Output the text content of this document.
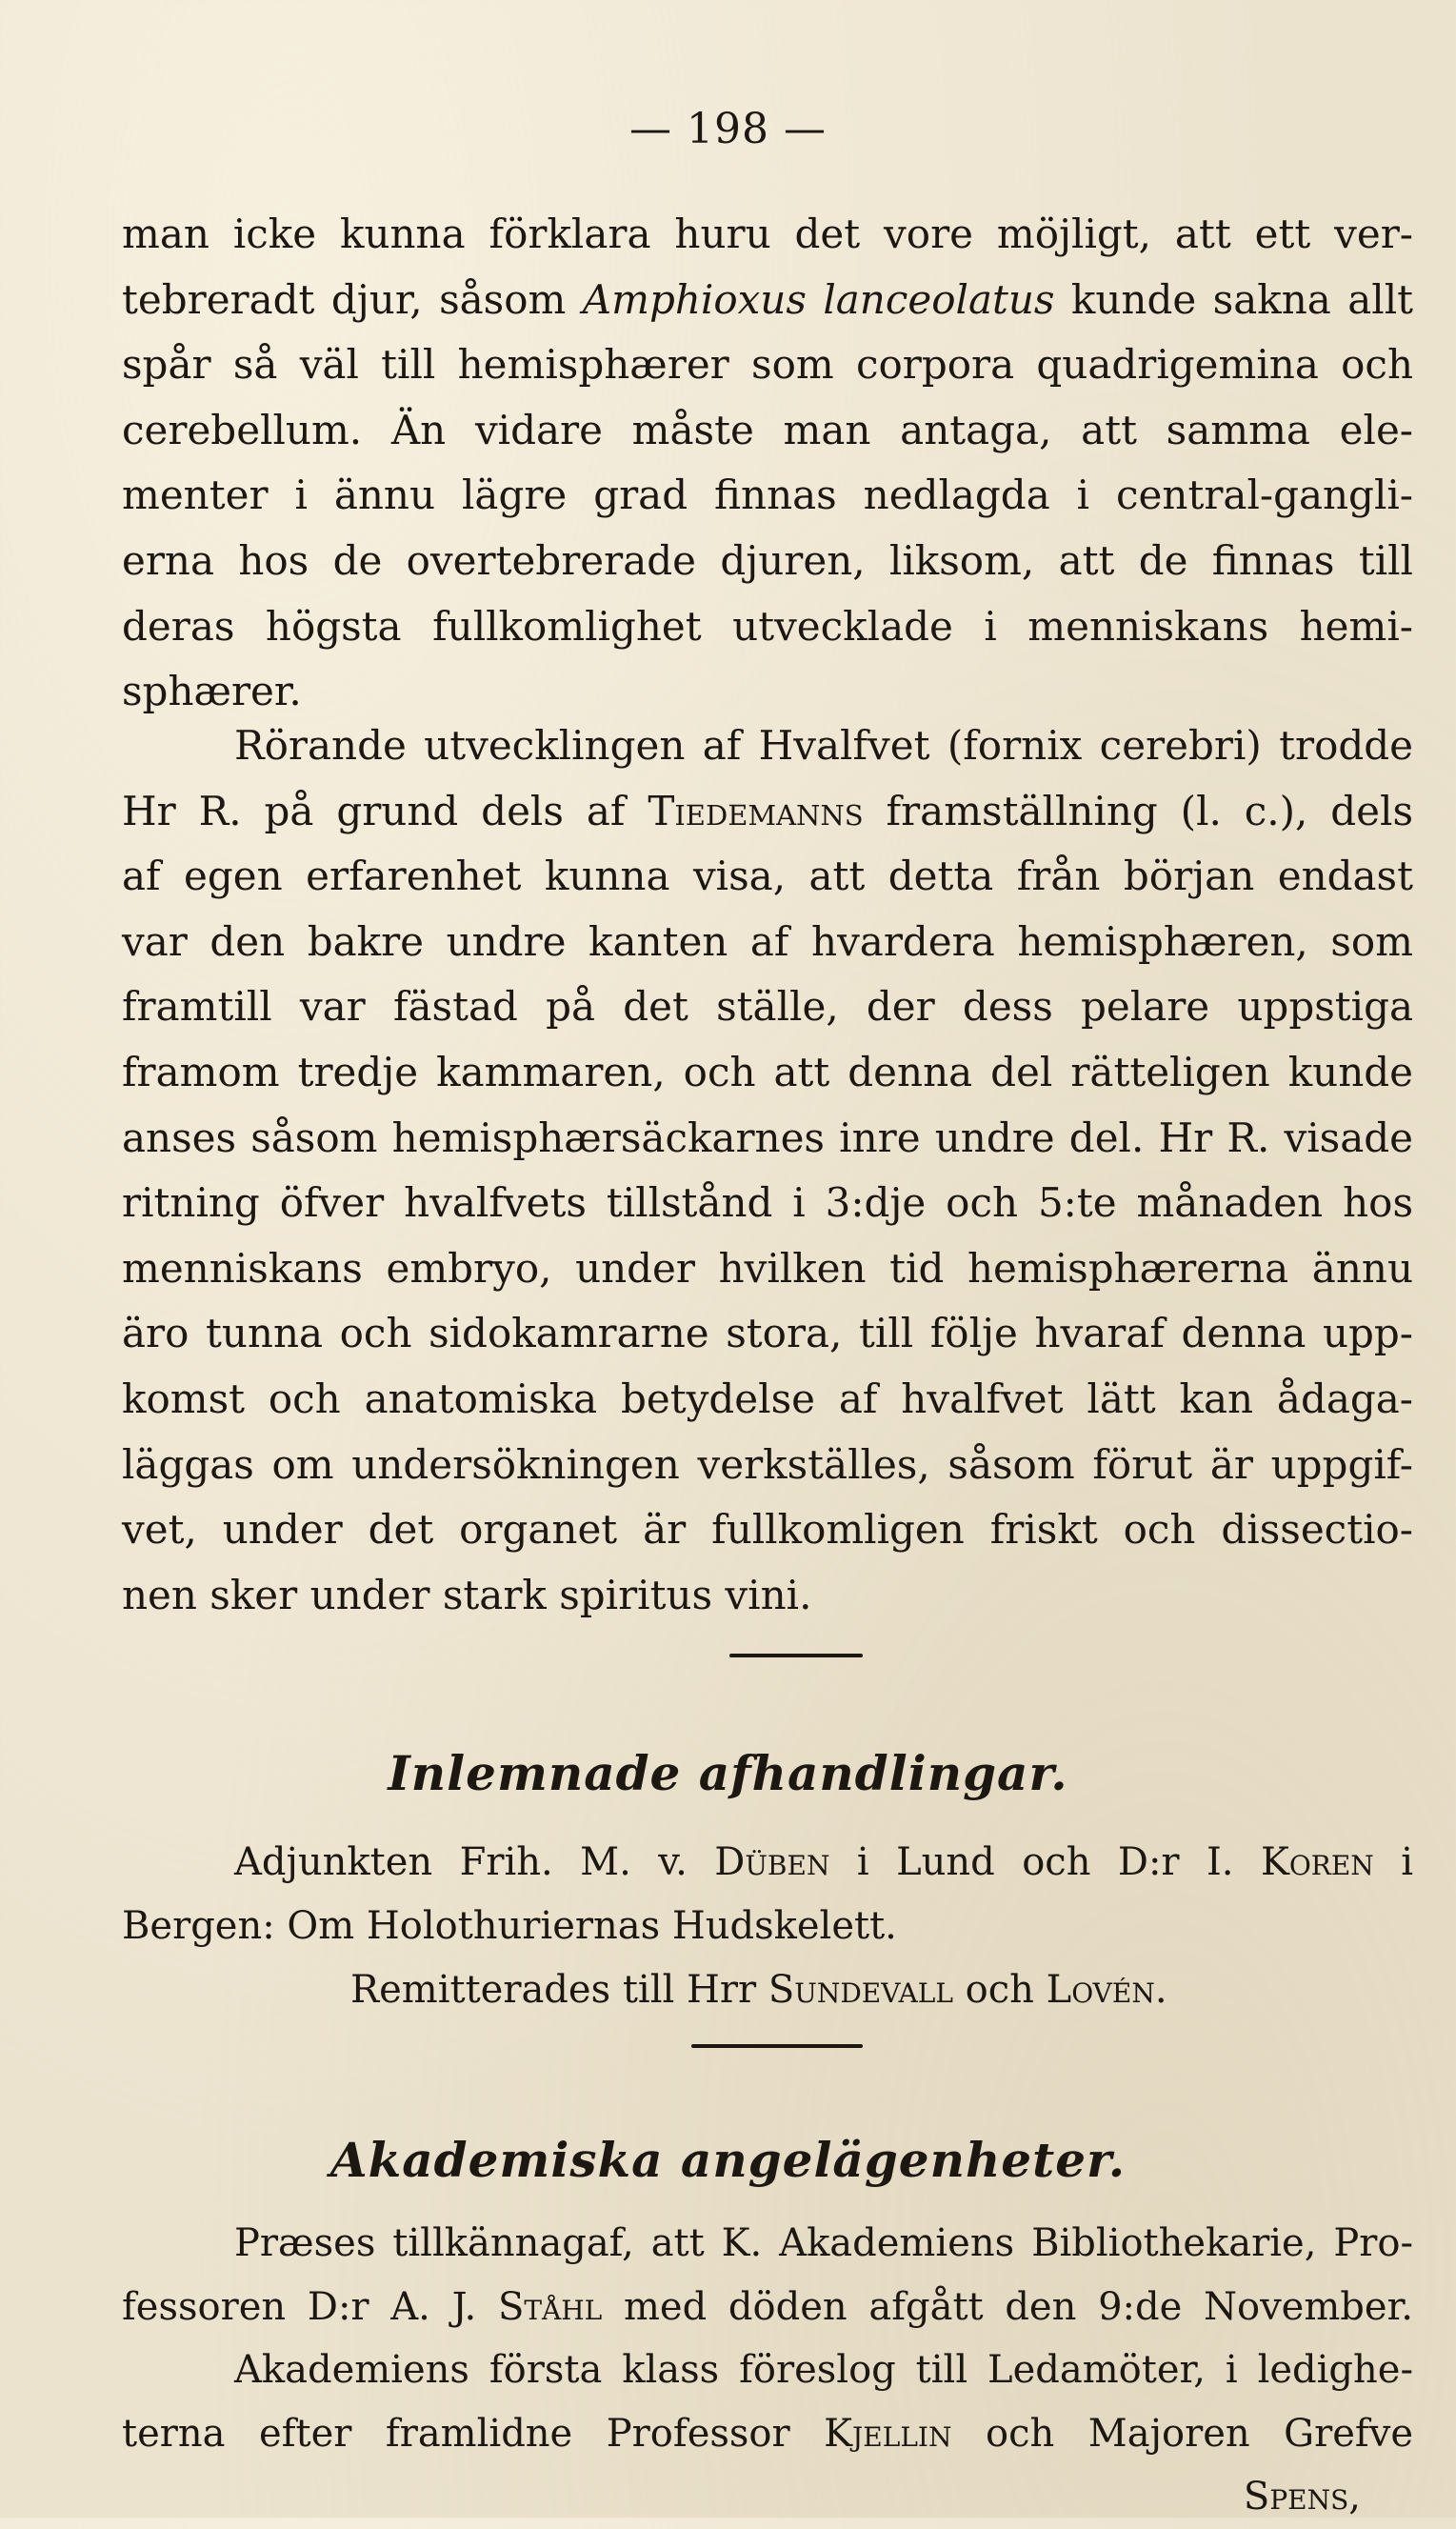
— 198 —
man icke kunna förklara huru det vore möjligt, att ett ver-
tebreradt djur, såsom Amphioxus lanceolatus kunde sakna allt
spår så väl till hemisphærer som corpora quadrigemina och
cerebellum. Än vidare måste man antaga, att samma ele-
menter i ännu lägre grad finnas nedlagda i central-gangli-
erna hos de overtebrerade djuren, liksom, att de finnas till
deras högsta fullkomlighet utvecklade i menniskans hemi-
sphærer.
Rörande utvecklingen af Hvalfvet (fornix cerebri) trodde
Hr R. på grund dels af Tiedemanns framställning (l. c.), dels
af egen erfarenhet kunna visa, att detta från början endast
var den bakre undre kanten af hvardera hemisphæren, som
framtill var fästad på det ställe, der dess pelare uppstiga
framom tredje kammaren, och att denna del rätteligen kunde
anses såsom hemisphærsäckarnes inre undre del. Hr R. visade
ritning öfver hvalfvets tillstånd i 3:dje och 5:te månaden hos
menniskans embryo, under hvilken tid hemisphærerna ännu
äro tunna och sidokamrarne stora, till följe hvaraf denna upp-
komst och anatomiska betydelse af hvalfvet lätt kan ådaga-
läggas om undersökningen verkställes, såsom förut är uppgif-
vet, under det organet är fullkomligen friskt och dissectio-
nen sker under stark spiritus vini.
Inlemnade afhandlingar.
Adjunkten Frih. M. v. Düben i Lund och D:r I. Koren i
Bergen: Om Holothuriernas Hudskelett.
Remitterades till Hrr Sundevall och Lovén.
Akademiska angelägenheter.
Præses tillkännagaf, att K. Akademiens Bibliothekarie, Pro-
fessoren D:r A. J. Ståhl med döden afgått den 9:de November.
Akademiens första klass föreslog till Ledamöter, i ledighe-
terna efter framlidne Professor Kjellin och Majoren Grefve
Spens,
